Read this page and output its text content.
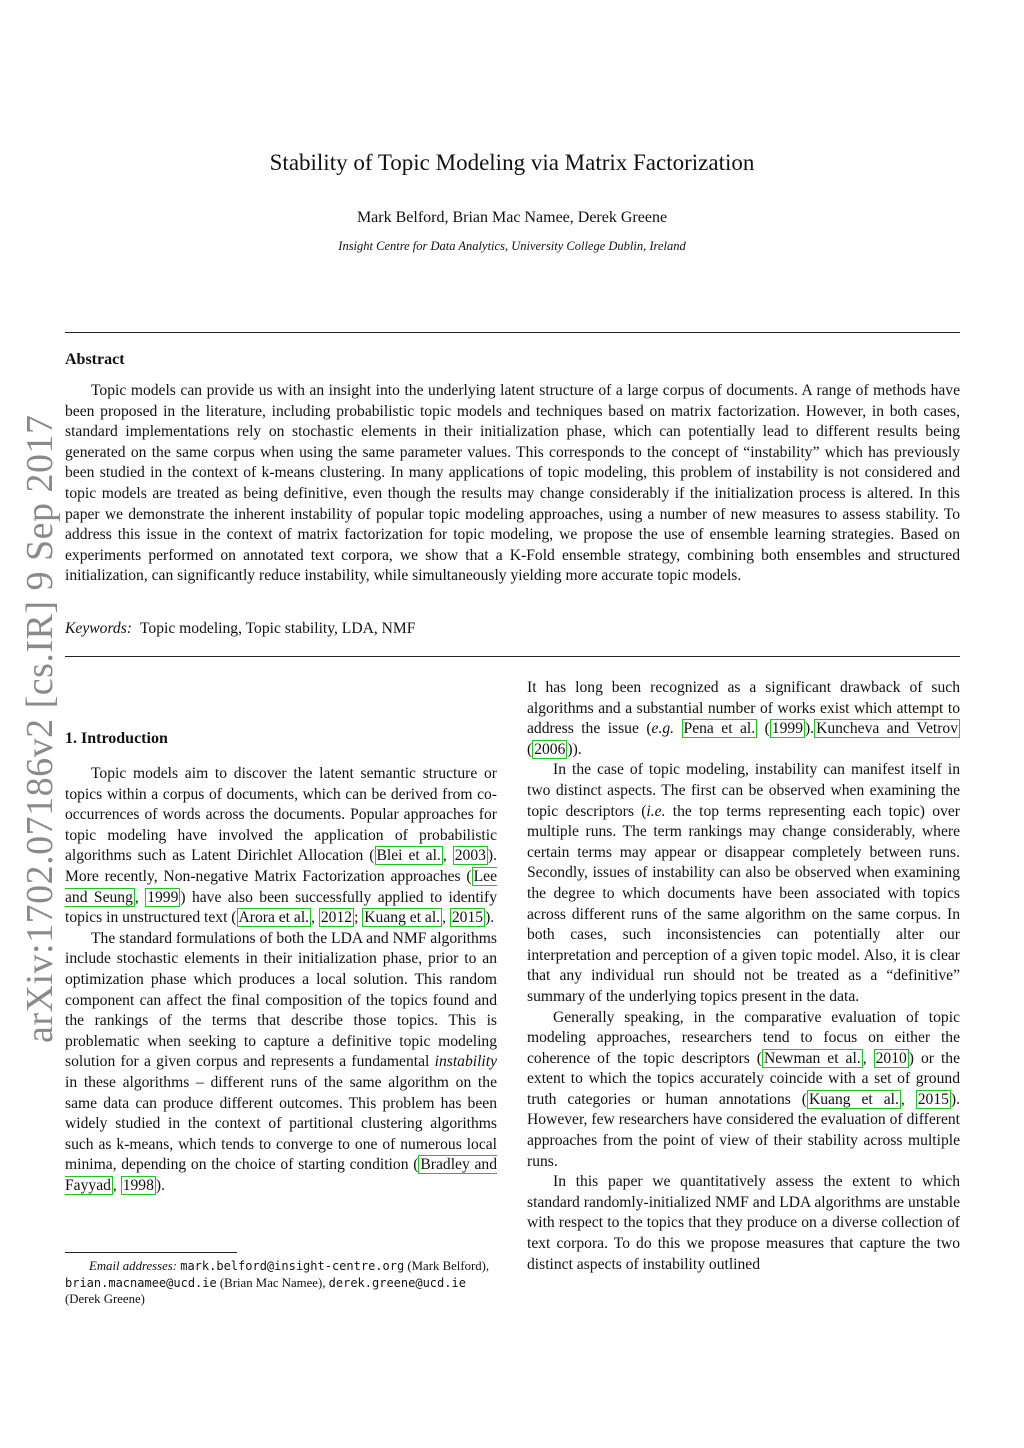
arXiv:1702.07186v2 [cs.IR] 9 Sep 2017
Stability of Topic Modeling via Matrix Factorization
Mark Belford, Brian Mac Namee, Derek Greene
Insight Centre for Data Analytics, University College Dublin, Ireland
Abstract

Topic models can provide us with an insight into the underlying latent structure of a large corpus of documents. A range of methods have been proposed in the literature, including probabilistic topic models and techniques based on matrix factorization. However, in both cases, standard implementations rely on stochastic elements in their initialization phase, which can potentially lead to different results being generated on the same corpus when using the same parameter values. This corresponds to the concept of “instability” which has previously been studied in the context of k-means clustering. In many applications of topic modeling, this problem of instability is not considered and topic models are treated as being definitive, even though the results may change considerably if the initialization process is altered. In this paper we demonstrate the inherent instability of popular topic modeling approaches, using a number of new measures to assess stability. To address this issue in the context of matrix factorization for topic modeling, we propose the use of ensemble learning strategies. Based on experiments performed on annotated text corpora, we show that a K-Fold ensemble strategy, combining both ensembles and structured initialization, can significantly reduce instability, while simultaneously yielding more accurate topic models.

Keywords: Topic modeling, Topic stability, LDA, NMF
1. Introduction

Topic models aim to discover the latent semantic structure or topics within a corpus of documents, which can be derived from co-occurrences of words across the documents. Popular approaches for topic modeling have involved the application of probabilistic algorithms such as Latent Dirichlet Allocation ( Blei et al. , 2003 ). More recently, Non-negative Matrix Factorization approaches ( Lee and Seung , 1999 ) have also been successfully applied to identify topics in unstructured text ( Arora et al. , 2012 ; Kuang et al. , 2015 ).

The standard formulations of both the LDA and NMF algorithms include stochastic elements in their initialization phase, prior to an optimization phase which produces a local solution. This random component can affect the final composition of the topics found and the rankings of the terms that describe those topics. This is problematic when seeking to capture a definitive topic modeling solution for a given corpus and represents a fundamental instability in these algorithms – different runs of the same algorithm on the same data can produce different outcomes. This problem has been widely studied in the context of partitional clustering algorithms such as k-means, which tends to converge to one of numerous local minima, depending on the choice of starting condition ( Bradley and Fayyad , 1998 ).

It has long been recognized as a significant drawback of such algorithms and a substantial number of works exist which attempt to address the issue (e.g. Pena et al. ( 1999 ). Kuncheva and Vetrov ( 2006 )).

In the case of topic modeling, instability can manifest itself in two distinct aspects. The first can be observed when examining the topic descriptors (i.e. the top terms representing each topic) over multiple runs. The term rankings may change considerably, where certain terms may appear or disappear completely between runs. Secondly, issues of instability can also be observed when examining the degree to which documents have been associated with topics across different runs of the same algorithm on the same corpus. In both cases, such inconsistencies can potentially alter our interpretation and perception of a given topic model. Also, it is clear that any individual run should not be treated as a “definitive” summary of the underlying topics present in the data.

Generally speaking, in the comparative evaluation of topic modeling approaches, researchers tend to focus on either the coherence of the topic descriptors ( Newman et al. , 2010 ) or the extent to which the topics accurately coincide with a set of ground truth categories or human annotations ( Kuang et al. , 2015 ). However, few researchers have considered the evaluation of different approaches from the point of view of their stability across multiple runs.

In this paper we quantitatively assess the extent to which standard randomly-initialized NMF and LDA algorithms are unstable with respect to the topics that they produce on a diverse collection of text corpora. To do this we propose measures that capture the two distinct aspects of instability outlined

Email addresses: mark.belford@insight-centre.org (Mark Belford), brian.macnamee@ucd.ie (Brian Mac Namee), derek.greene@ucd.ie (Derek Greene)
